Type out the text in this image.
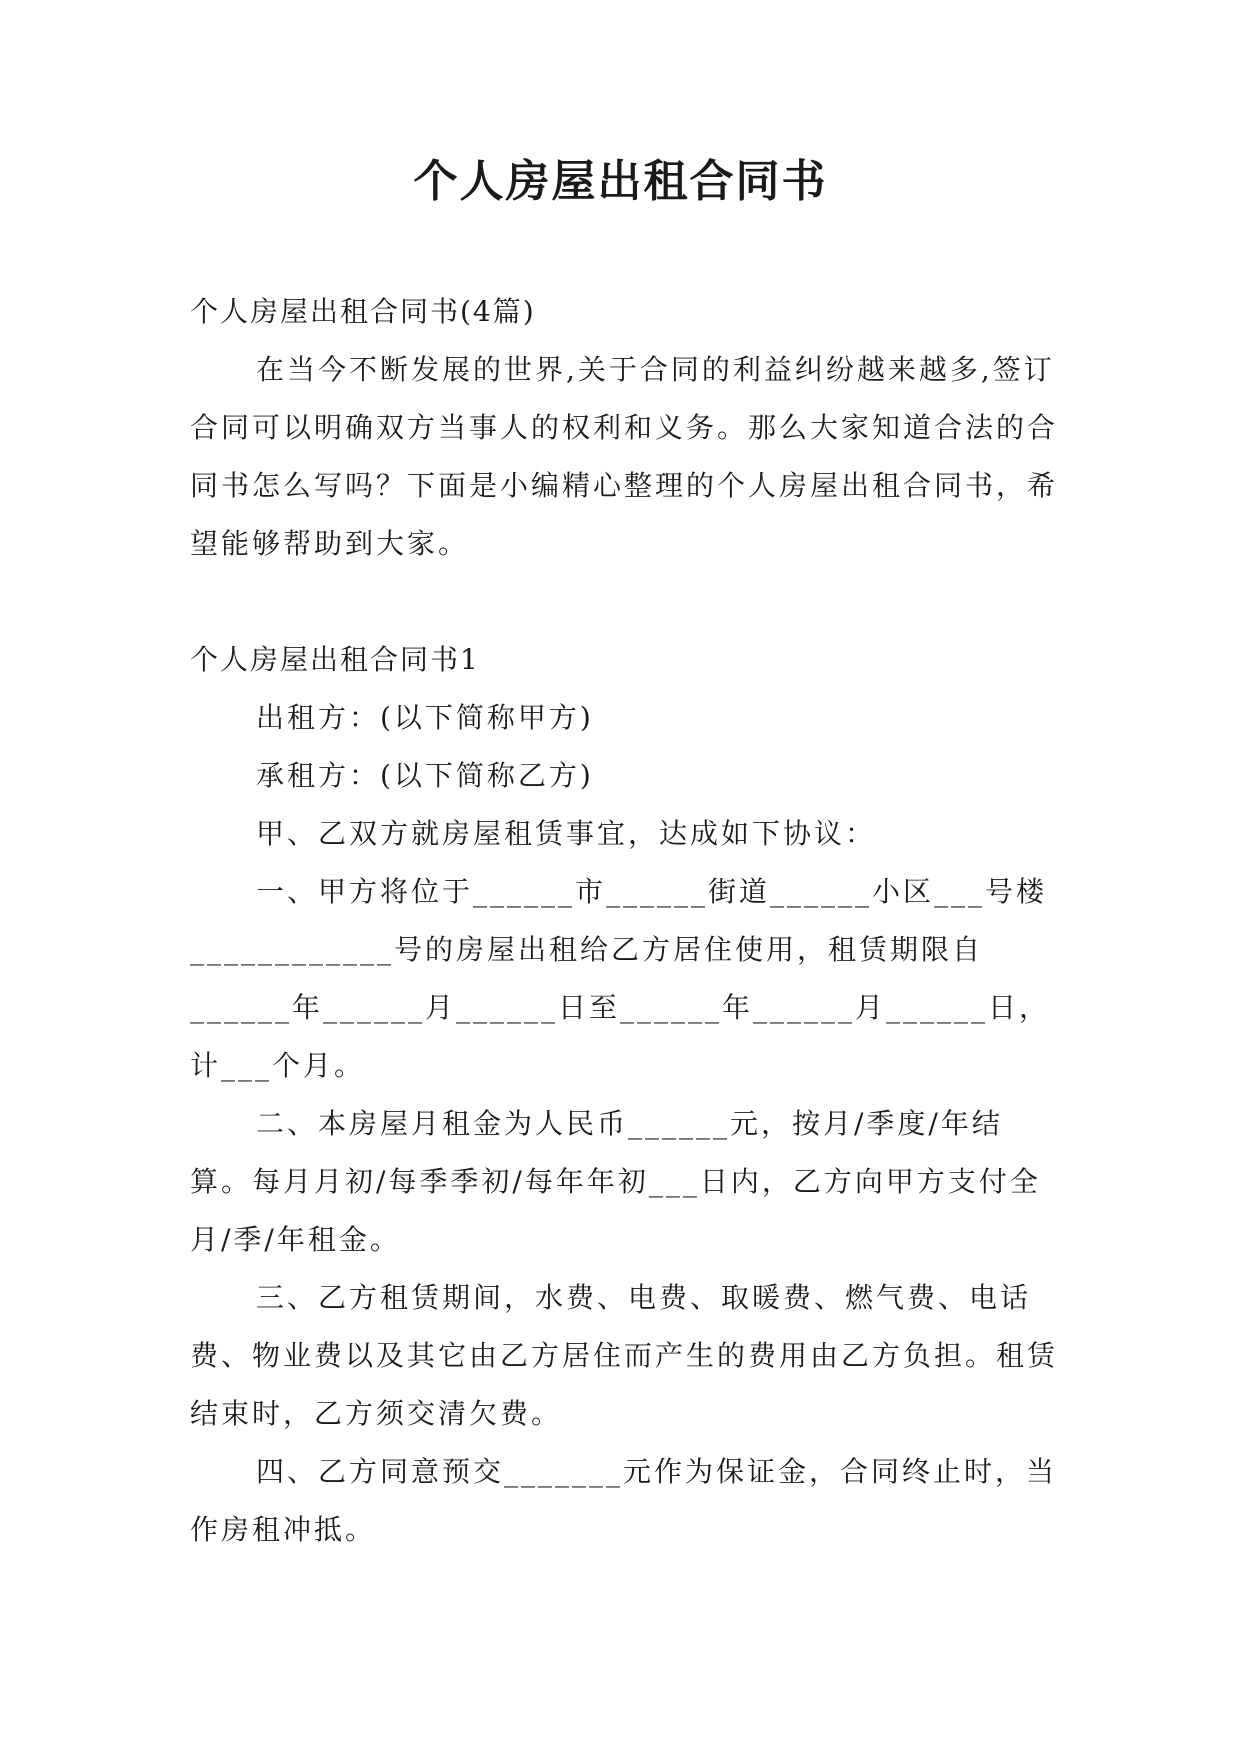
个人房屋出租合同书

个人房屋出租合同书(4篇)

在当今不断发展的世界,关于合同的利益纠纷越来越多,签订合同可以明确双方当事人的权利和义务。那么大家知道合法的合同书怎么写吗？下面是小编精心整理的个人房屋出租合同书，希望能够帮助到大家。

个人房屋出租合同书1

出租方：(以下简称甲方)

承租方：(以下简称乙方)

甲、乙双方就房屋租赁事宜，达成如下协议：

一、甲方将位于______市______街道______小区___号楼____________号的房屋出租给乙方居住使用，租赁期限自______年______月______日至______年______月______日，计___个月。

二、本房屋月租金为人民币______元，按月/季度/年结算。每月月初/每季季初/每年年初___日内，乙方向甲方支付全月/季/年租金。

三、乙方租赁期间，水费、电费、取暖费、燃气费、电话费、物业费以及其它由乙方居住而产生的费用由乙方负担。租赁结束时，乙方须交清欠费。

四、乙方同意预交_______元作为保证金，合同终止时，当作房租冲抵。
